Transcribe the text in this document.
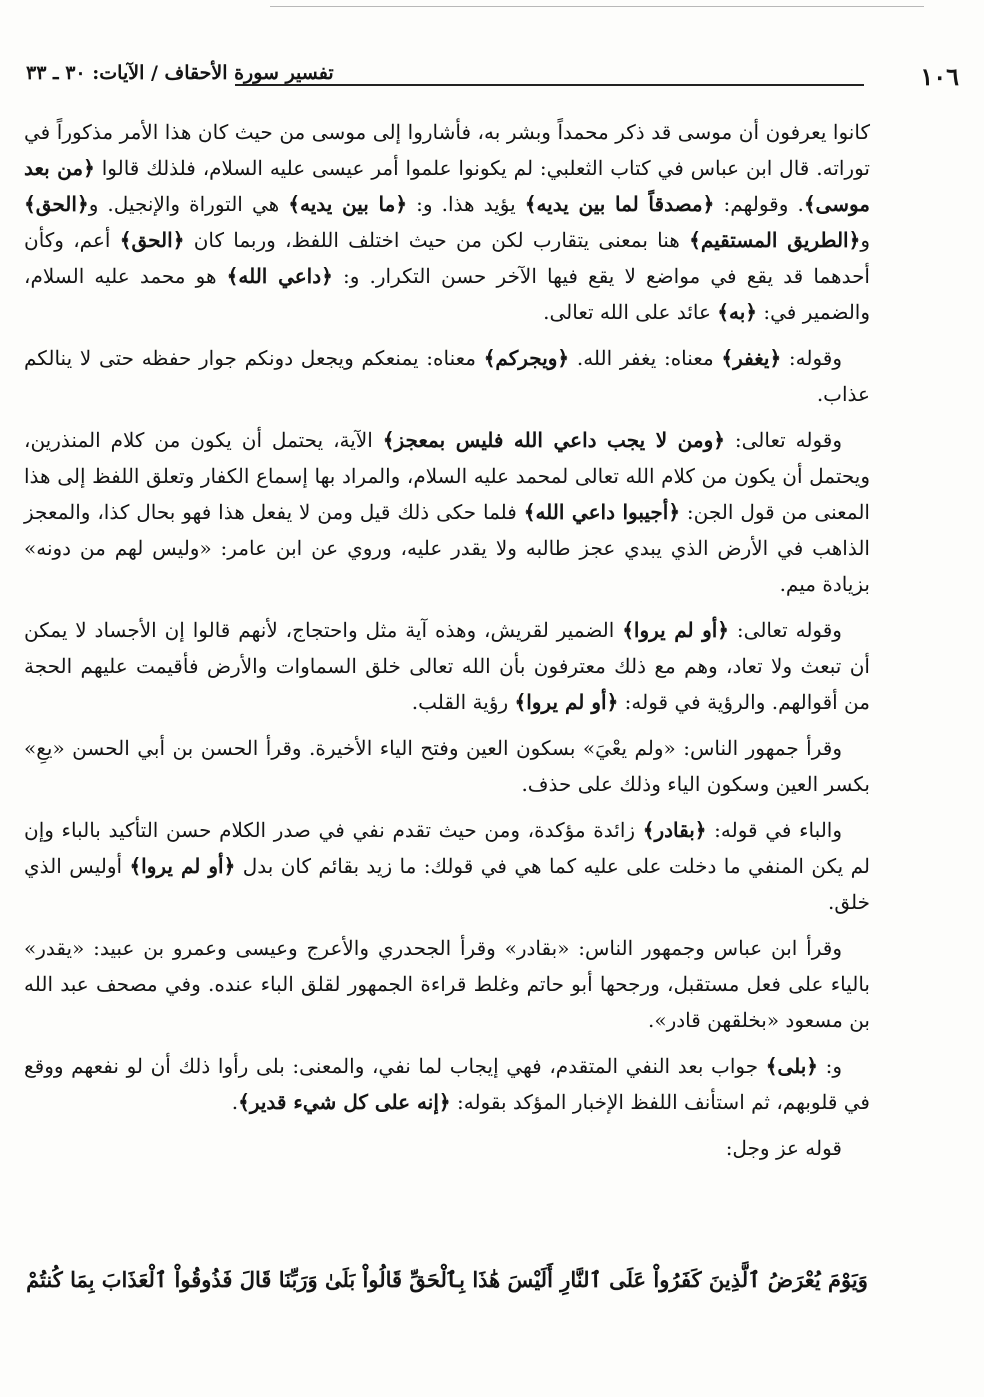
١٠٦
تفسير سورة الأحقاف / الآيات: ٣٠ ـ ٣٣

كانوا يعرفون أن موسى قد ذكر محمداً وبشر به، فأشاروا إلى موسى من حيث كان هذا الأمر مذكوراً في توراته. قال ابن عباس في كتاب الثعلبي: لم يكونوا علموا أمر عيسى عليه السلام، فلذلك قالوا ﴿من بعد موسى﴾. وقولهم: ﴿مصدقاً لما بين يديه﴾ يؤيد هذا. و: ﴿ما بين يديه﴾ هي التوراة والإنجيل. و﴿الحق﴾ و﴿الطريق المستقيم﴾ هنا بمعنى يتقارب لكن من حيث اختلف اللفظ، وربما كان ﴿الحق﴾ أعم، وكأن أحدهما قد يقع في مواضع لا يقع فيها الآخر حسن التكرار. و: ﴿داعي الله﴾ هو محمد عليه السلام، والضمير في: ﴿به﴾ عائد على الله تعالى.

وقوله: ﴿يغفر﴾ معناه: يغفر الله. ﴿ويجركم﴾ معناه: يمنعكم ويجعل دونكم جوار حفظه حتى لا ينالكم عذاب.

وقوله تعالى: ﴿ومن لا يجب داعي الله فليس بمعجز﴾ الآية، يحتمل أن يكون من كلام المنذرين، ويحتمل أن يكون من كلام الله تعالى لمحمد عليه السلام، والمراد بها إسماع الكفار وتعلق اللفظ إلى هذا المعنى من قول الجن: ﴿أجيبوا داعي الله﴾ فلما حكى ذلك قيل ومن لا يفعل هذا فهو بحال كذا، والمعجز الذاهب في الأرض الذي يبدي عجز طالبه ولا يقدر عليه، وروي عن ابن عامر: «وليس لهم من دونه» بزيادة ميم.

وقوله تعالى: ﴿أو لم يروا﴾ الضمير لقريش، وهذه آية مثل واحتجاج، لأنهم قالوا إن الأجساد لا يمكن أن تبعث ولا تعاد، وهم مع ذلك معترفون بأن الله تعالى خلق السماوات والأرض فأقيمت عليهم الحجة من أقوالهم. والرؤية في قوله: ﴿أو لم يروا﴾ رؤية القلب.

وقرأ جمهور الناس: «ولم يعْيَ» بسكون العين وفتح الياء الأخيرة. وقرأ الحسن بن أبي الحسن «يعِ» بكسر العين وسكون الياء وذلك على حذف.

والباء في قوله: ﴿بقادر﴾ زائدة مؤكدة، ومن حيث تقدم نفي في صدر الكلام حسن التأكيد بالباء وإن لم يكن المنفي ما دخلت على عليه كما هي في قولك: ما زيد بقائم كان بدل ﴿أو لم يروا﴾ أوليس الذي خلق.

وقرأ ابن عباس وجمهور الناس: «بقادر» وقرأ الجحدري والأعرج وعيسى وعمرو بن عبيد: «يقدر» بالياء على فعل مستقبل، ورجحها أبو حاتم وغلط قراءة الجمهور لقلق الباء عنده. وفي مصحف عبد الله بن مسعود «بخلقهن قادر».

و: ﴿بلى﴾ جواب بعد النفي المتقدم، فهي إيجاب لما نفي، والمعنى: بلى رأوا ذلك أن لو نفعهم ووقع في قلوبهم، ثم استأنف اللفظ الإخبار المؤكد بقوله: ﴿إنه على كل شيء قدير﴾.

قوله عز وجل:

وَيَوْمَ يُعْرَضُ ٱلَّذِينَ كَفَرُواْ عَلَى ٱلنَّارِ أَلَيْسَ هَٰذَا بِٱلْحَقِّ قَالُواْ بَلَىٰ وَرَبِّنَا قَالَ فَذُوقُواْ ٱلْعَذَابَ بِمَا كُنتُمْ
